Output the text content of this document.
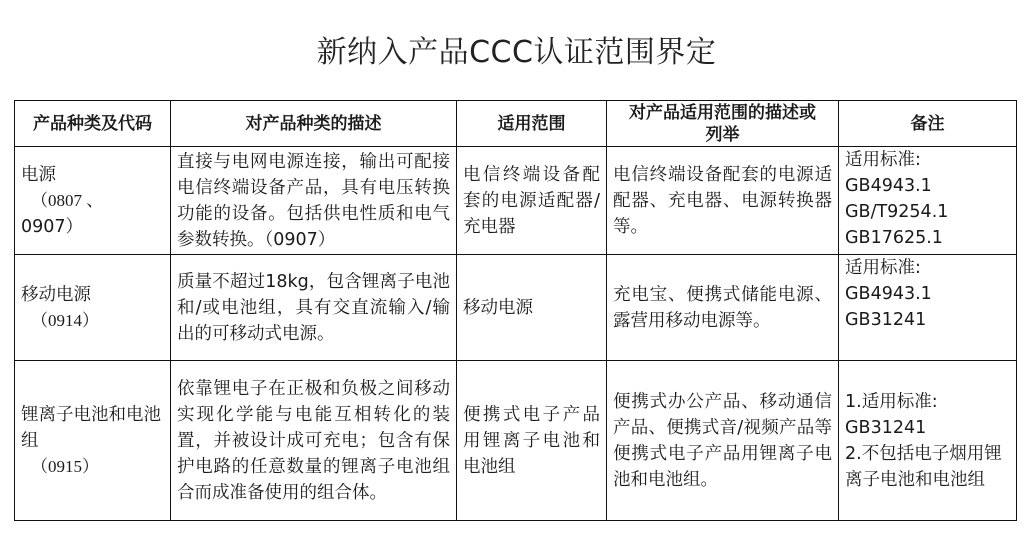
新纳入产品CCC认证范围界定
产品种类及代码	对产品种类的描述	适用范围	对产品适用范围的描述或列举	备注

电源
（0807 、
0907）	直接与电网电源连接，输出可配接电信终端设备产品，具有电压转换功能的设备。包括供电性质和电气参数转换。（0907）	电信终端设备配套的电源适配器/充电器	电信终端设备配套的电源适配器、充电器、电源转换器等。	适用标准:
GB4943.1
GB/T9254.1
GB17625.1

移动电源
（0914）	质量不超过18kg，包含锂离子电池和/或电池组，具有交直流输入/输出的可移动式电源。	移动电源	充电宝、便携式储能电源、露营用移动电源等。	适用标准:
GB4943.1
GB31241

锂离子电池和电池组
（0915）	依靠锂电子在正极和负极之间移动实现化学能与电能互相转化的装置，并被设计成可充电；包含有保护电路的任意数量的锂离子电池组合而成准备使用的组合体。	便携式电子产品用锂离子电池和电池组	便携式办公产品、移动通信产品、便携式音/视频产品等便携式电子产品用锂离子电池和电池组。	1.适用标准:
GB31241
2.不包括电子烟用锂离子电池和电池组
